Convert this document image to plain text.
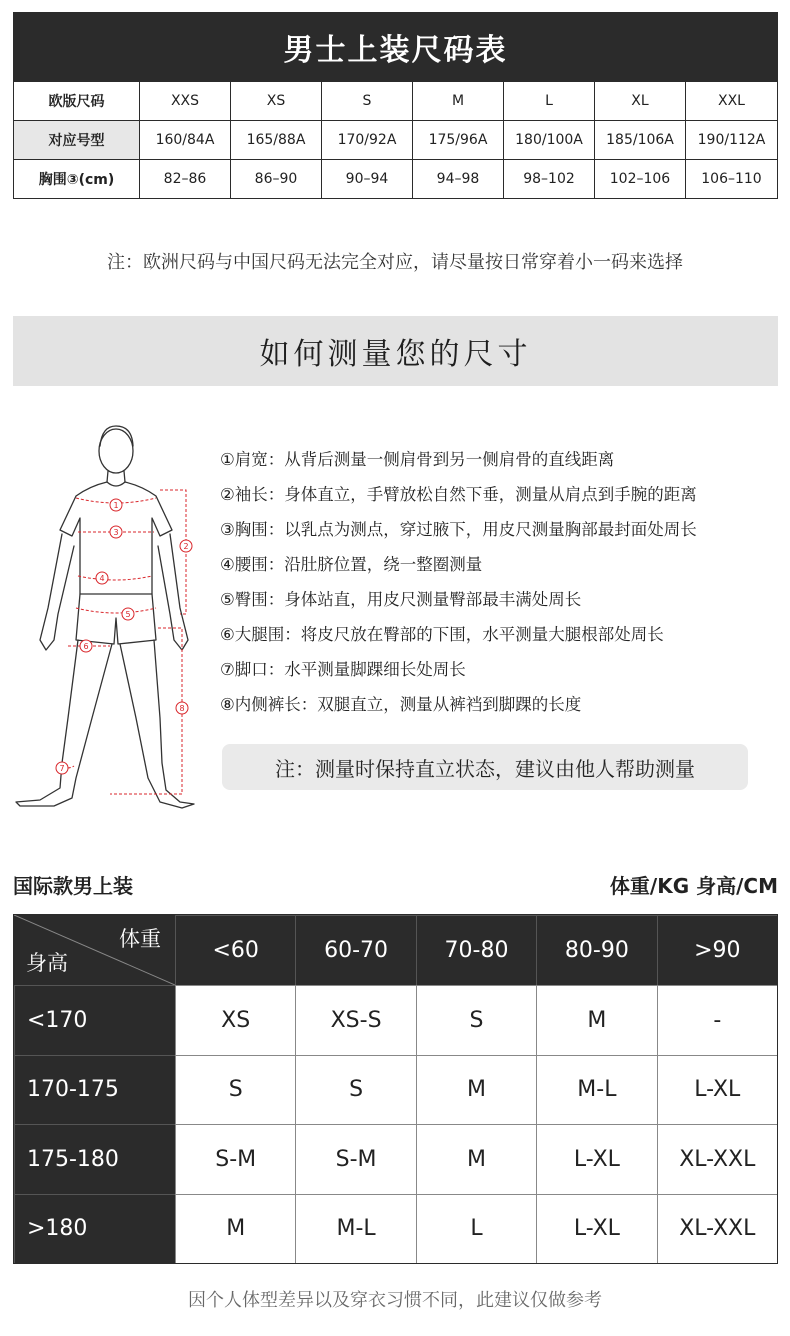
男士上装尺码表
欧版尺码	XXS	XS	S	M	L	XL	XXL
对应号型	160/84A	165/88A	170/92A	175/96A	180/100A	185/106A	190/112A
胸围③(cm)	82–86	86–90	90–94	94–98	98–102	102–106	106–110
注：欧洲尺码与中国尺码无法完全对应，请尽量按日常穿着小一码来选择
如何测量您的尺寸
1
2
3
4
5
6
7
8
①肩宽： 从背后测量一侧肩骨到另一侧肩骨的直线距离
②袖长： 身体直立，手臂放松自然下垂，测量从肩点到手腕的距离
③胸围： 以乳点为测点，穿过腋下，用皮尺测量胸部最封面处周长
④腰围： 沿肚脐位置，绕一整圈测量
⑤臀围： 身体站直，用皮尺测量臀部最丰满处周长
⑥大腿围： 将皮尺放在臀部的下围，水平测量大腿根部处周长
⑦脚口： 水平测量脚踝细长处周长
⑧内侧裤长： 双腿直立，测量从裤裆到脚踝的长度
注：测量时保持直立状态，建议由他人帮助测量
国际款男上装	体重/KG 身高/CM
体重
身高	<60	60-70	70-80	80-90	>90
<170	XS	XS-S	S	M	-
170-175	S	S	M	M-L	L-XL
175-180	S-M	S-M	M	L-XL	XL-XXL
>180	M	M-L	L	L-XL	XL-XXL
因个人体型差异以及穿衣习惯不同，此建议仅做参考
